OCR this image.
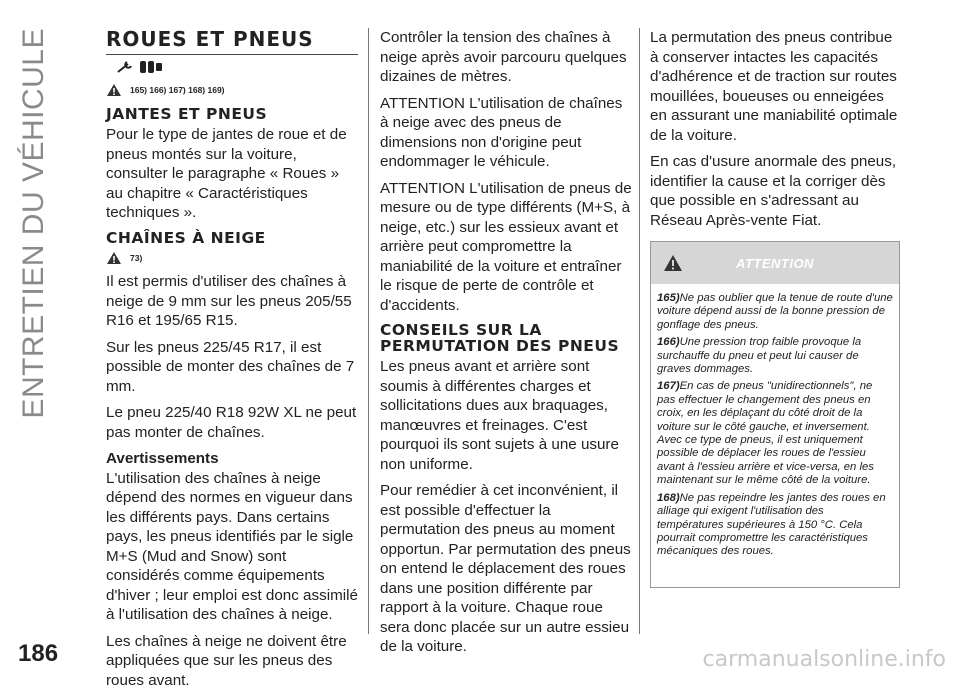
ENTRETIEN DU VÉHICULE	ROUES ET PNEUS
165) 166) 167) 168) 169)
JANTES ET PNEUS

Pour le type de jantes de roue et de pneus montés sur la voiture, consulter le paragraphe « Roues » au chapitre « Caractéristiques techniques ».

CHAÎNES À NEIGE
73)

Il est permis d'utiliser des chaînes à neige de 9 mm sur les pneus 205/55 R16 et 195/65 R15.

Sur les pneus 225/45 R17, il est possible de monter des chaînes de 7 mm.

Le pneu 225/40 R18 92W XL ne peut pas monter de chaînes.

Avertissements

L'utilisation des chaînes à neige dépend des normes en vigueur dans les différents pays. Dans certains pays, les pneus identifiés par le sigle M+S (Mud and Snow) sont considérés comme équipements d'hiver ; leur emploi est donc assimilé à l'utilisation des chaînes à neige.

Les chaînes à neige ne doivent être appliquées que sur les pneus des roues avant.

Contrôler la tension des chaînes à neige après avoir parcouru quelques dizaines de mètres.

ATTENTION L'utilisation de chaînes à neige avec des pneus de dimensions non d'origine peut endommager le véhicule.

ATTENTION L'utilisation de pneus de mesure ou de type différents (M+S, à neige, etc.) sur les essieux avant et arrière peut compromettre la maniabilité de la voiture et entraîner le risque de perte de contrôle et d'accidents.

CONSEILS SUR LA PERMUTATION DES PNEUS

Les pneus avant et arrière sont soumis à différentes charges et sollicitations dues aux braquages, manœuvres et freinages. C'est pourquoi ils sont sujets à une usure non uniforme.

Pour remédier à cet inconvénient, il est possible d'effectuer la permutation des pneus au moment opportun. Par permutation des pneus on entend le déplacement des roues dans une position différente par rapport à la voiture. Chaque roue sera donc placée sur un autre essieu de la voiture.

La permutation des pneus contribue à conserver intactes les capacités d'adhérence et de traction sur routes mouillées, boueuses ou enneigées en assurant une maniabilité optimale de la voiture.

En cas d'usure anormale des pneus, identifier la cause et la corriger dès que possible en s'adressant au Réseau Après-vente Fiat.

ATTENTION

165)Ne pas oublier que la tenue de route d'une voiture dépend aussi de la bonne pression de gonflage des pneus.

166)Une pression trop faible provoque la surchauffe du pneu et peut lui causer de graves dommages.

167)En cas de pneus "unidirectionnels", ne pas effectuer le changement des pneus en croix, en les déplaçant du côté droit de la voiture sur le côté gauche, et inversement. Avec ce type de pneus, il est uniquement possible de déplacer les roues de l'essieu avant à l'essieu arrière et vice-versa, en les maintenant sur le même côté de la voiture.

168)Ne pas repeindre les jantes des roues en alliage qui exigent l'utilisation des températures supérieures à 150 °C. Cela pourrait compromettre les caractéristiques mécaniques des roues.

186	carmanualsonline.info
